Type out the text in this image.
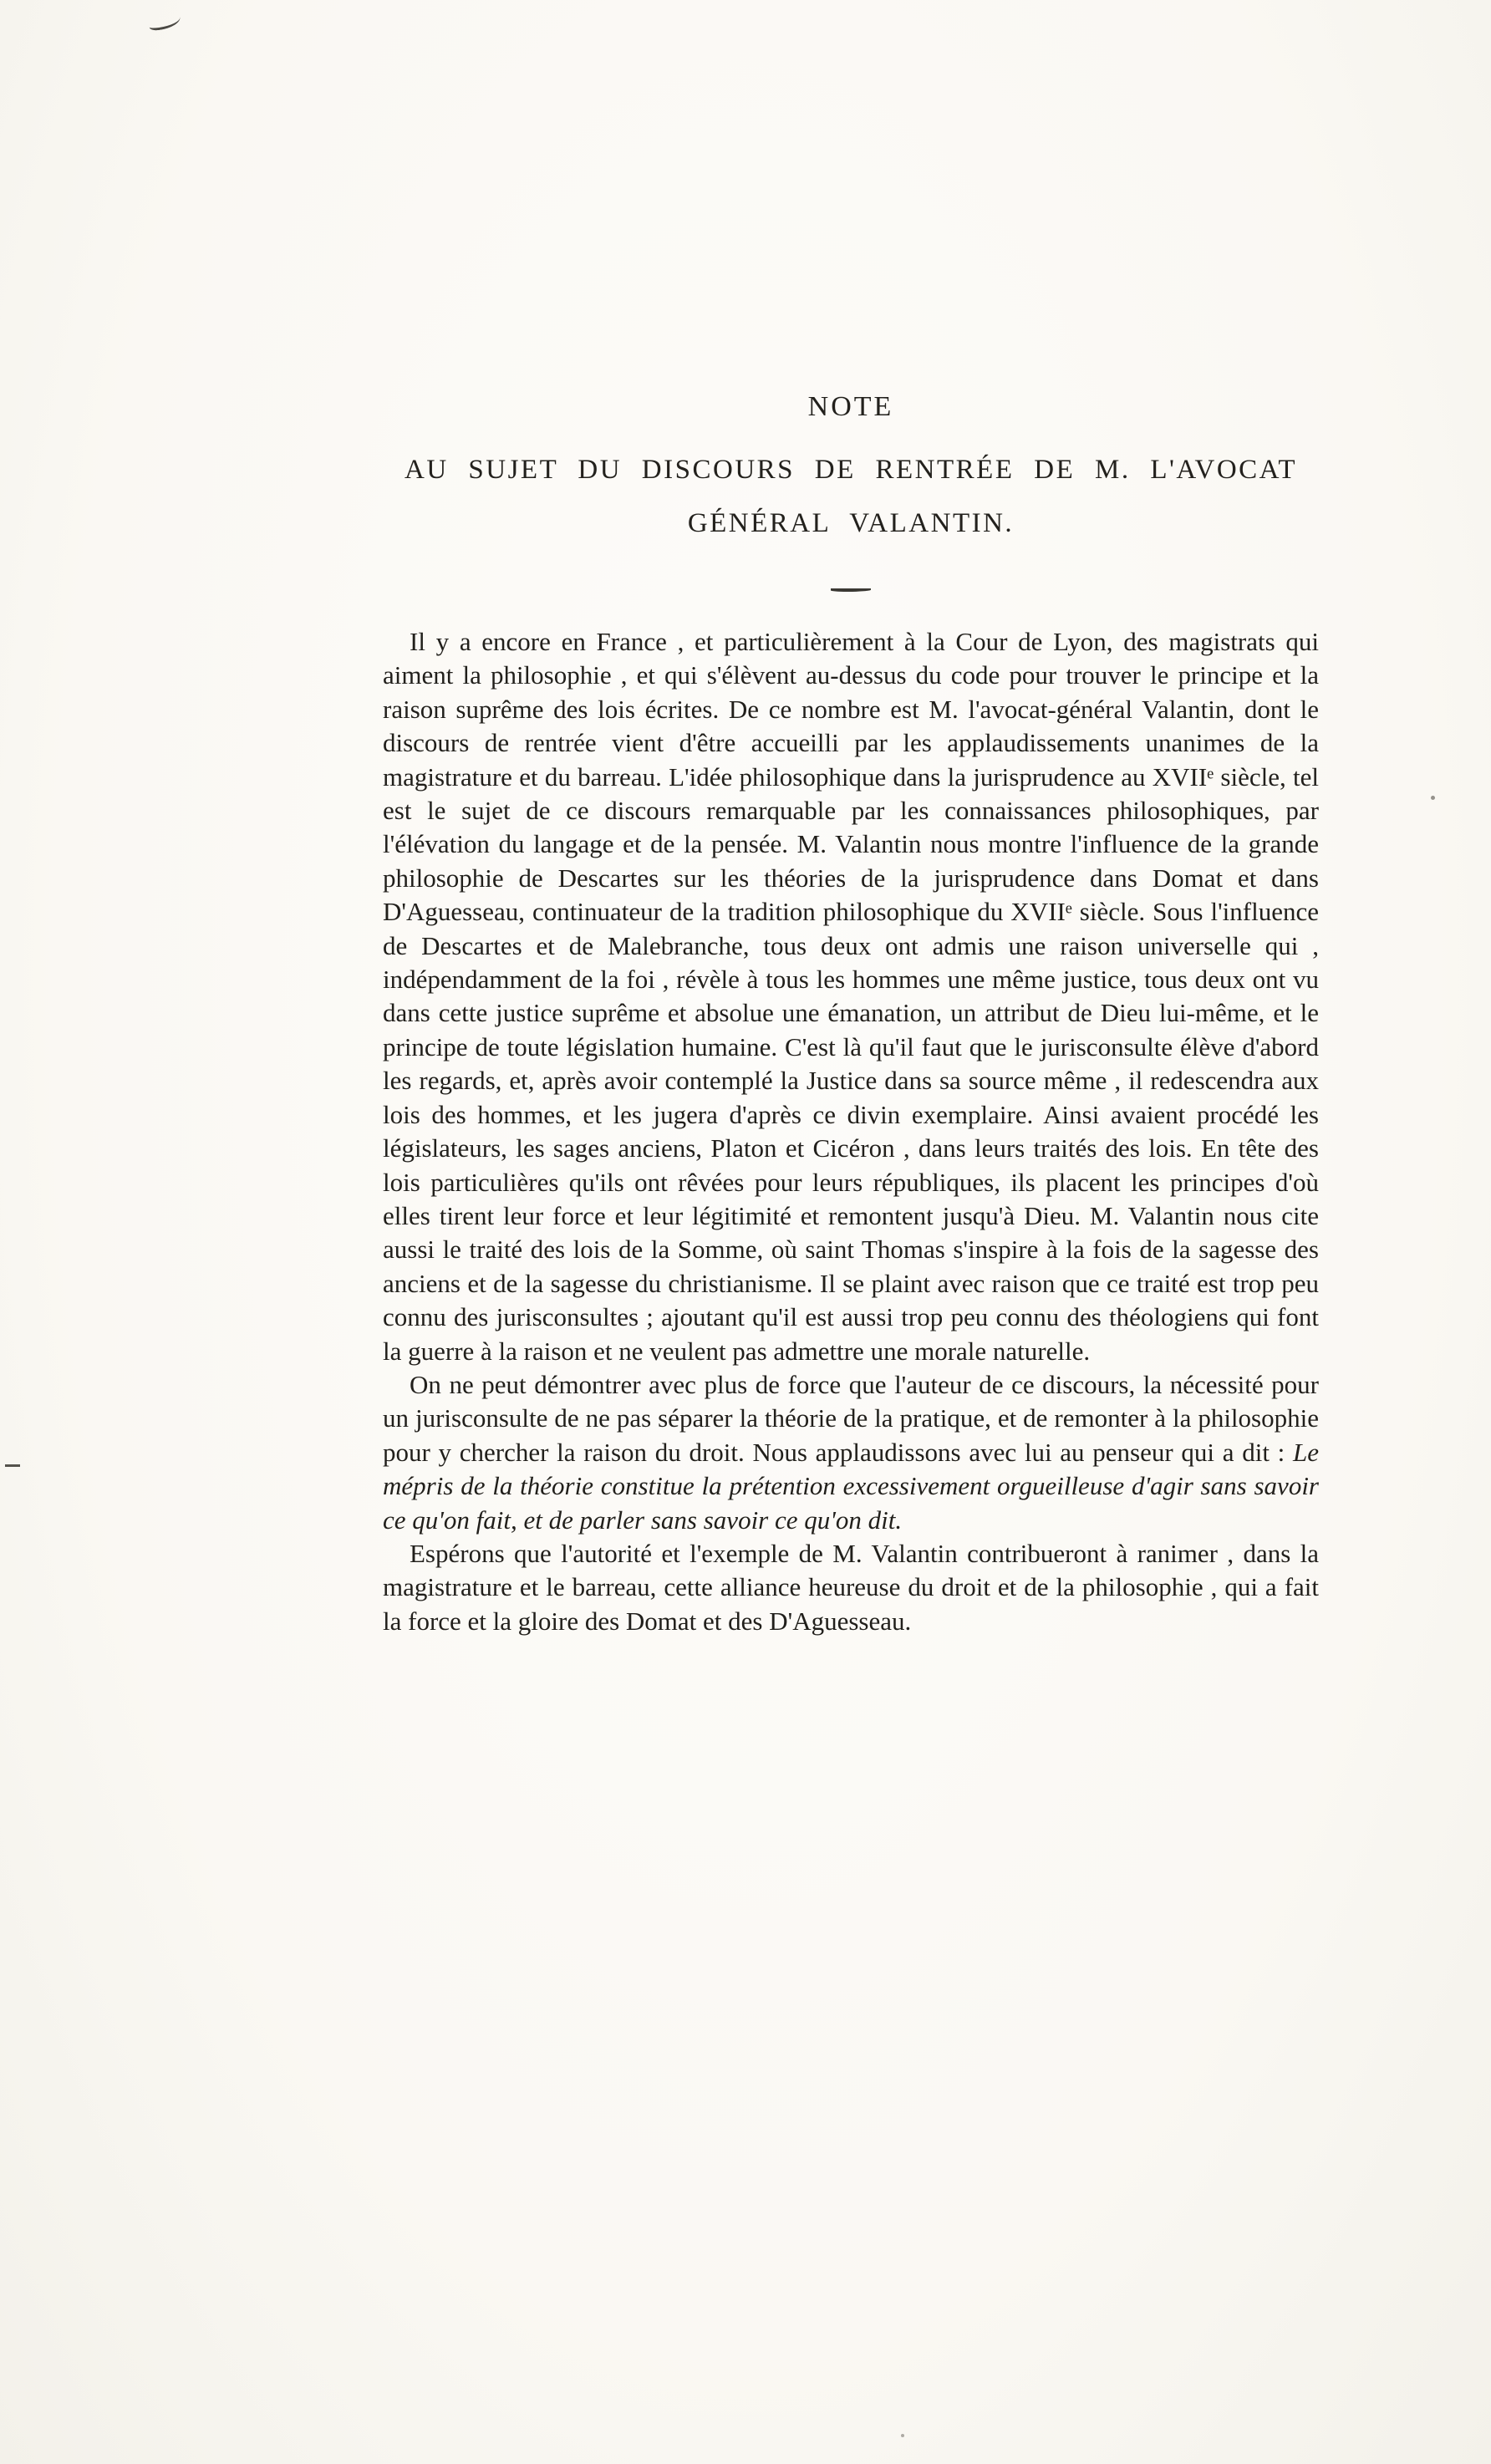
NOTE
AU SUJET DU DISCOURS DE RENTRÉE DE M. L'AVOCAT
GÉNÉRAL VALANTIN.

Il y a encore en France , et particulièrement à la Cour de Lyon, des magistrats qui aiment la philosophie , et qui s'élèvent au-dessus du code pour trouver le principe et la raison suprême des lois écrites. De ce nombre est M. l'avocat-général Valantin, dont le discours de rentrée vient d'être accueilli par les applaudissements unanimes de la magistrature et du barreau. L'idée philosophique dans la jurisprudence au XVIIᵉ siècle, tel est le sujet de ce discours remarquable par les connaissances philosophiques, par l'élévation du langage et de la pensée. M. Valantin nous montre l'influence de la grande philosophie de Descartes sur les théories de la jurisprudence dans Domat et dans D'Aguesseau, continuateur de la tradition philosophique du XVIIᵉ siècle. Sous l'influence de Descartes et de Malebranche, tous deux ont admis une raison universelle qui , indépendamment de la foi , révèle à tous les hommes une même justice, tous deux ont vu dans cette justice suprême et absolue une émanation, un attribut de Dieu lui-même, et le principe de toute législation humaine. C'est là qu'il faut que le jurisconsulte élève d'abord les regards, et, après avoir contemplé la Justice dans sa source même , il redescendra aux lois des hommes, et les jugera d'après ce divin exemplaire. Ainsi avaient procédé les législateurs, les sages anciens, Platon et Cicéron , dans leurs traités des lois. En tête des lois particulières qu'ils ont rêvées pour leurs républiques, ils placent les principes d'où elles tirent leur force et leur légitimité et remontent jusqu'à Dieu. M. Valantin nous cite aussi le traité des lois de la Somme, où saint Thomas s'inspire à la fois de la sagesse des anciens et de la sagesse du christianisme. Il se plaint avec raison que ce traité est trop peu connu des jurisconsultes ; ajoutant qu'il est aussi trop peu connu des théologiens qui font la guerre à la raison et ne veulent pas admettre une morale naturelle.

On ne peut démontrer avec plus de force que l'auteur de ce discours, la nécessité pour un jurisconsulte de ne pas séparer la théorie de la pratique, et de remonter à la philosophie pour y chercher la raison du droit. Nous applaudissons avec lui au penseur qui a dit : Le mépris de la théorie constitue la prétention excessivement orgueilleuse d'agir sans savoir ce qu'on fait, et de parler sans savoir ce qu'on dit.

Espérons que l'autorité et l'exemple de M. Valantin contribueront à ranimer , dans la magistrature et le barreau, cette alliance heureuse du droit et de la philosophie , qui a fait la force et la gloire des Domat et des D'Aguesseau.
